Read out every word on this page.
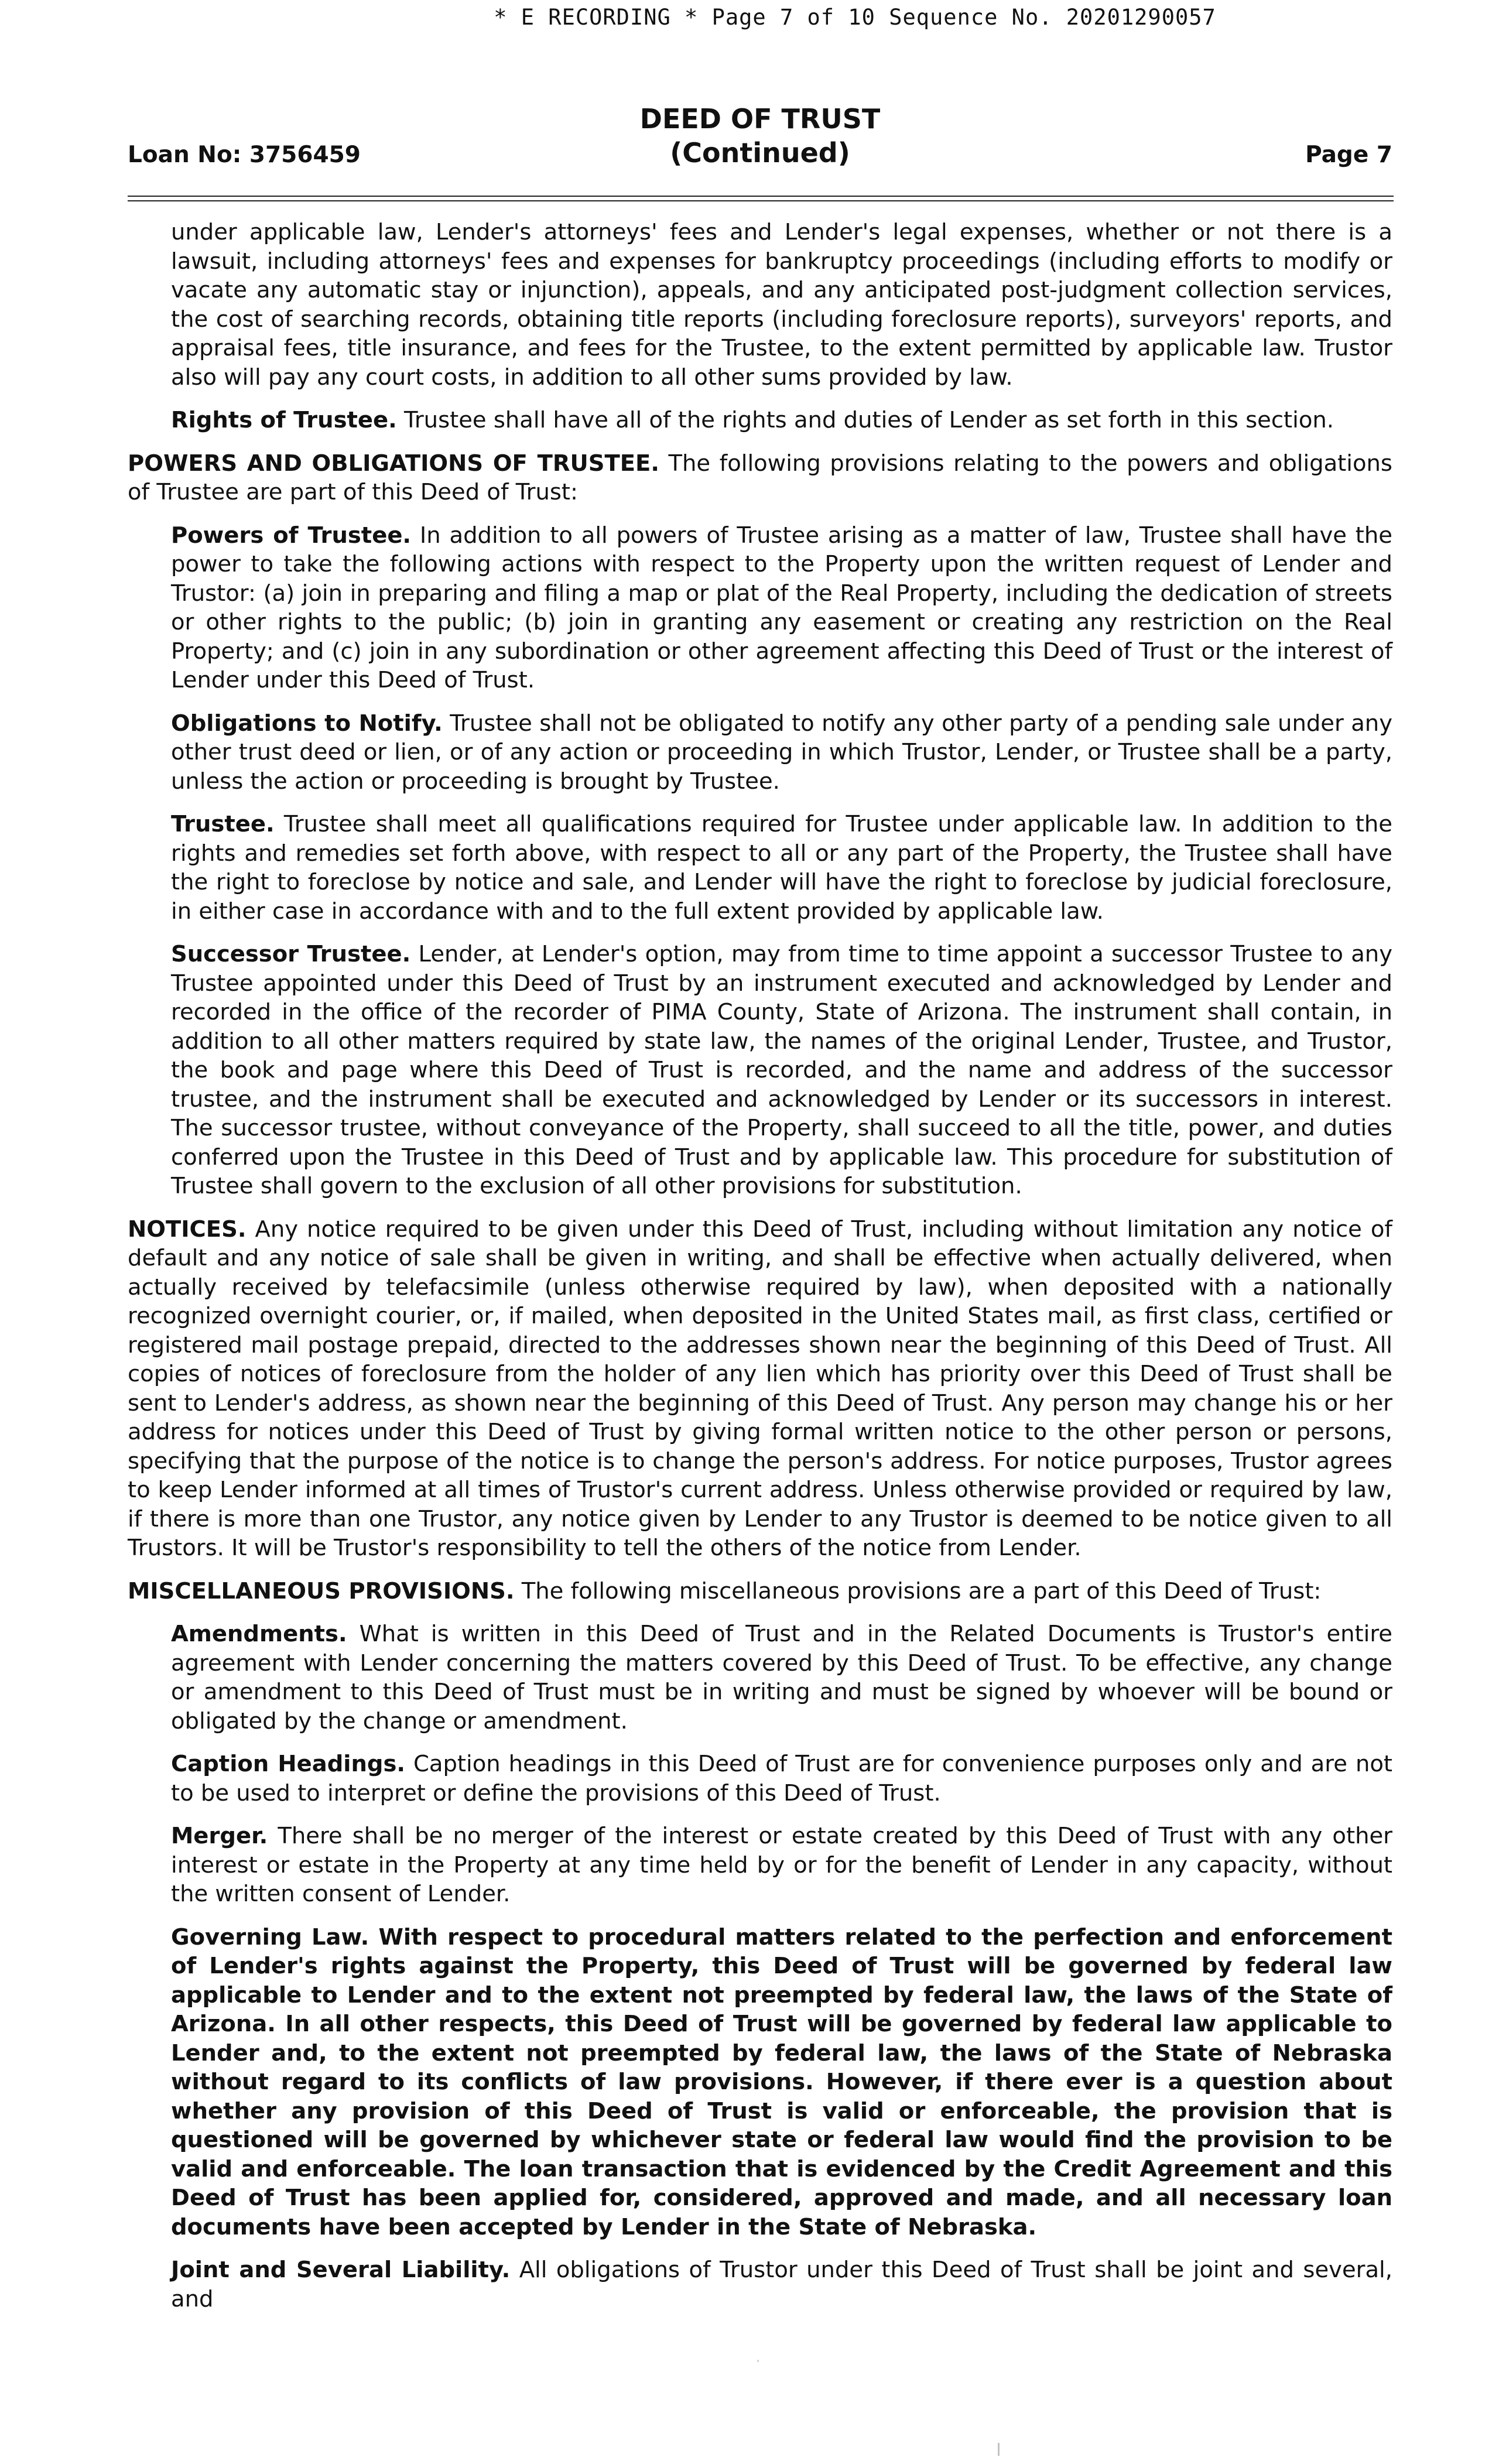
* E RECORDING * Page 7 of 10 Sequence No. 20201290057
Loan No: 3756459
DEED OF TRUST
(Continued)	Page 7

under applicable law, Lender's attorneys' fees and Lender's legal expenses, whether or not there is a lawsuit, including attorneys' fees and expenses for bankruptcy proceedings (including efforts to modify or vacate any automatic stay or injunction), appeals, and any anticipated post-judgment collection services, the cost of searching records, obtaining title reports (including foreclosure reports), surveyors' reports, and appraisal fees, title insurance, and fees for the Trustee, to the extent permitted by applicable law. Trustor also will pay any court costs, in addition to all other sums provided by law.

Rights of Trustee. Trustee shall have all of the rights and duties of Lender as set forth in this section.

POWERS AND OBLIGATIONS OF TRUSTEE. The following provisions relating to the powers and obligations of Trustee are part of this Deed of Trust:

Powers of Trustee. In addition to all powers of Trustee arising as a matter of law, Trustee shall have the power to take the following actions with respect to the Property upon the written request of Lender and Trustor: (a) join in preparing and filing a map or plat of the Real Property, including the dedication of streets or other rights to the public; (b) join in granting any easement or creating any restriction on the Real Property; and (c) join in any subordination or other agreement affecting this Deed of Trust or the interest of Lender under this Deed of Trust.

Obligations to Notify. Trustee shall not be obligated to notify any other party of a pending sale under any other trust deed or lien, or of any action or proceeding in which Trustor, Lender, or Trustee shall be a party, unless the action or proceeding is brought by Trustee.

Trustee. Trustee shall meet all qualifications required for Trustee under applicable law. In addition to the rights and remedies set forth above, with respect to all or any part of the Property, the Trustee shall have the right to foreclose by notice and sale, and Lender will have the right to foreclose by judicial foreclosure, in either case in accordance with and to the full extent provided by applicable law.

Successor Trustee. Lender, at Lender's option, may from time to time appoint a successor Trustee to any Trustee appointed under this Deed of Trust by an instrument executed and acknowledged by Lender and recorded in the office of the recorder of PIMA County, State of Arizona. The instrument shall contain, in addition to all other matters required by state law, the names of the original Lender, Trustee, and Trustor, the book and page where this Deed of Trust is recorded, and the name and address of the successor trustee, and the instrument shall be executed and acknowledged by Lender or its successors in interest. The successor trustee, without conveyance of the Property, shall succeed to all the title, power, and duties conferred upon the Trustee in this Deed of Trust and by applicable law. This procedure for substitution of Trustee shall govern to the exclusion of all other provisions for substitution.

NOTICES. Any notice required to be given under this Deed of Trust, including without limitation any notice of default and any notice of sale shall be given in writing, and shall be effective when actually delivered, when actually received by telefacsimile (unless otherwise required by law), when deposited with a nationally recognized overnight courier, or, if mailed, when deposited in the United States mail, as first class, certified or registered mail postage prepaid, directed to the addresses shown near the beginning of this Deed of Trust. All copies of notices of foreclosure from the holder of any lien which has priority over this Deed of Trust shall be sent to Lender's address, as shown near the beginning of this Deed of Trust. Any person may change his or her address for notices under this Deed of Trust by giving formal written notice to the other person or persons, specifying that the purpose of the notice is to change the person's address. For notice purposes, Trustor agrees to keep Lender informed at all times of Trustor's current address. Unless otherwise provided or required by law, if there is more than one Trustor, any notice given by Lender to any Trustor is deemed to be notice given to all Trustors. It will be Trustor's responsibility to tell the others of the notice from Lender.

MISCELLANEOUS PROVISIONS. The following miscellaneous provisions are a part of this Deed of Trust:

Amendments. What is written in this Deed of Trust and in the Related Documents is Trustor's entire agreement with Lender concerning the matters covered by this Deed of Trust. To be effective, any change or amendment to this Deed of Trust must be in writing and must be signed by whoever will be bound or obligated by the change or amendment.

Caption Headings. Caption headings in this Deed of Trust are for convenience purposes only and are not to be used to interpret or define the provisions of this Deed of Trust.

Merger. There shall be no merger of the interest or estate created by this Deed of Trust with any other interest or estate in the Property at any time held by or for the benefit of Lender in any capacity, without the written consent of Lender.

Governing Law. With respect to procedural matters related to the perfection and enforcement of Lender's rights against the Property, this Deed of Trust will be governed by federal law applicable to Lender and to the extent not preempted by federal law, the laws of the State of Arizona. In all other respects, this Deed of Trust will be governed by federal law applicable to Lender and, to the extent not preempted by federal law, the laws of the State of Nebraska without regard to its conflicts of law provisions. However, if there ever is a question about whether any provision of this Deed of Trust is valid or enforceable, the provision that is questioned will be governed by whichever state or federal law would find the provision to be valid and enforceable. The loan transaction that is evidenced by the Credit Agreement and this Deed of Trust has been applied for, considered, approved and made, and all necessary loan documents have been accepted by Lender in the State of Nebraska.

Joint and Several Liability. All obligations of Trustor under this Deed of Trust shall be joint and several, and
